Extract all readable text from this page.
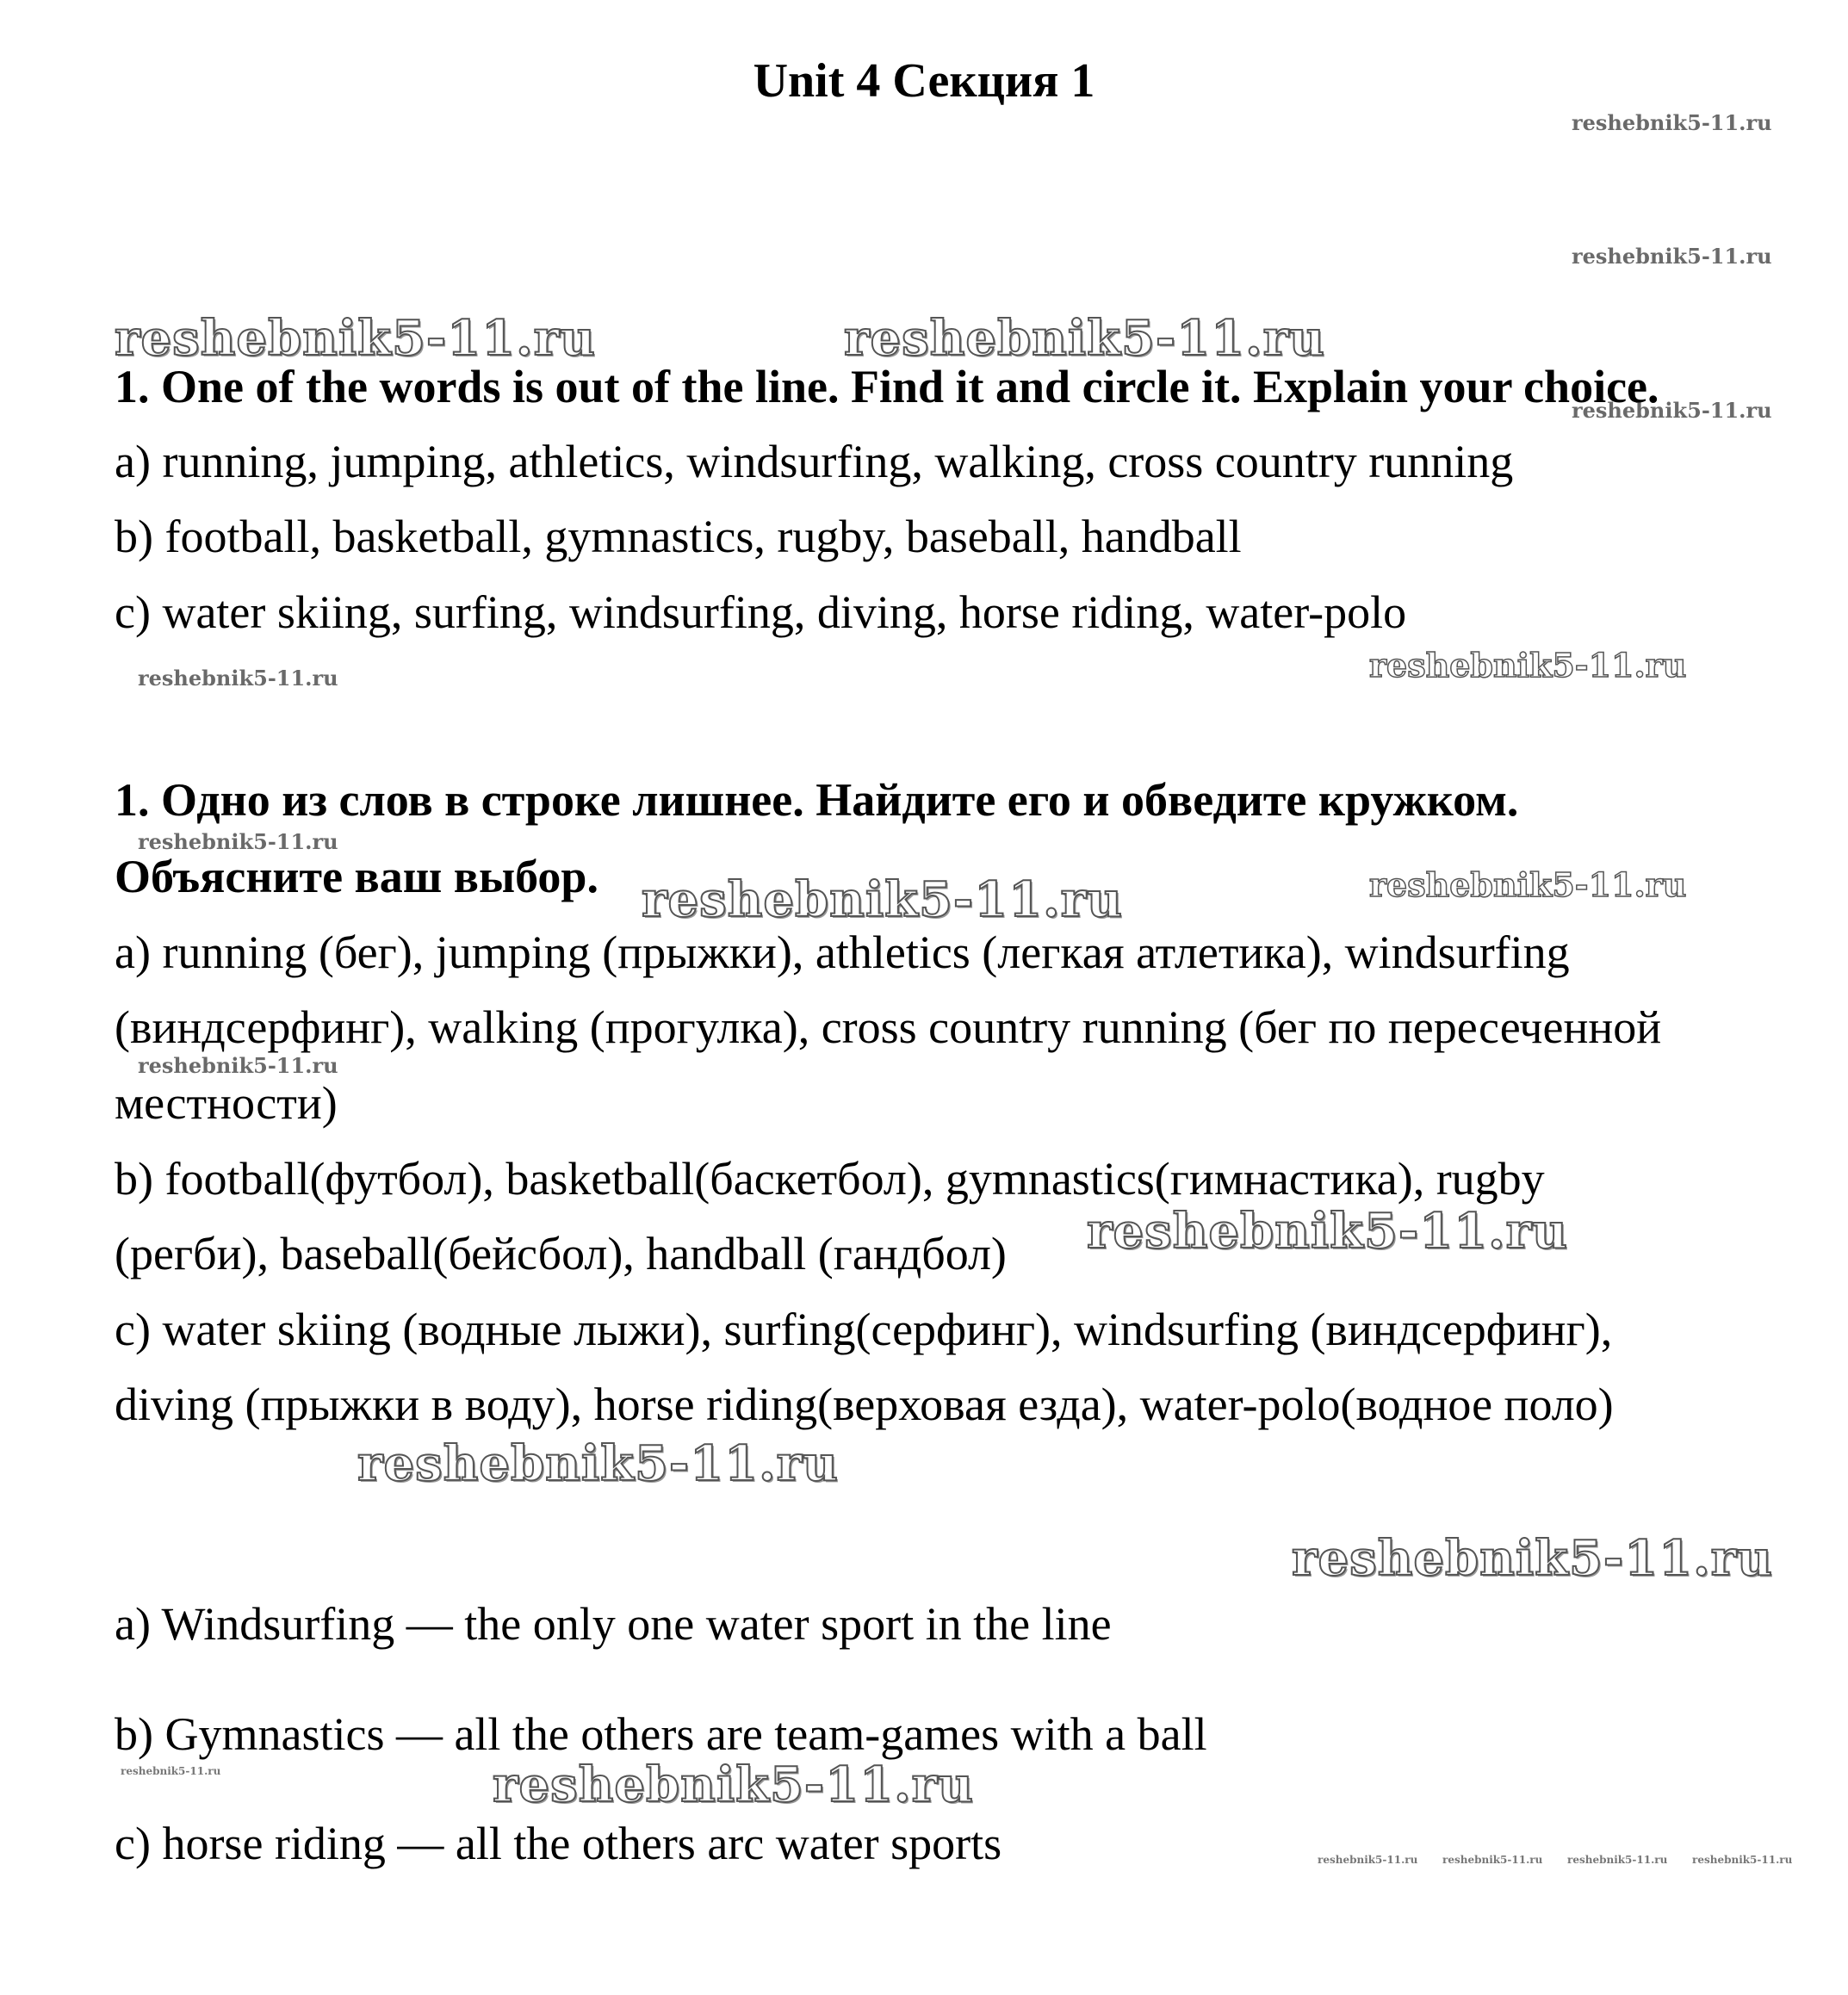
Unit 4 Секция 1
reshebnik5-11.ru
reshebnik5-11.ru
reshebnik5-11.ru	reshebnik5-11.ru
reshebnik5-11.ru
1. One of the words is out of the line. Find it and circle it. Explain your choice.
a) running, jumping, athletics, windsurfing, walking, cross country running
b) football, basketball, gymnastics, rugby, baseball, handball
c) water skiing, surfing, windsurfing, diving, horse riding, water-polo
reshebnik5-11.ru	reshebnik5-11.ru
1. Одно из слов в строке лишнее. Найдите его и обведите кружком.
reshebnik5-11.ru
Объясните ваш выбор. reshebnik5-11.ru	reshebnik5-11.ru
a) running (бег), jumping (прыжки), athletics (легкая атлетика), windsurfing
(виндсерфинг), walking (прогулка), cross country running (бег по пересеченной
reshebnik5-11.ru
местности)
b) football(футбол), basketball(баскетбол), gymnastics(гимнастика), rugby
(регби), baseball(бейсбол), handball (гандбол) reshebnik5-11.ru
c) water skiing (водные лыжи), surfing(серфинг), windsurfing (виндсерфинг),
diving (прыжки в воду), horse riding(верховая езда), water-polo(водное поло)
reshebnik5-11.ru
reshebnik5-11.ru
a) Windsurfing — the only one water sport in the line
b) Gymnastics — all the others are team-games with a ball
reshebnik5-11.ru	reshebnik5-11.ru
c) horse riding — all the others arc water sports	reshebnik5-11.ru reshebnik5-11.ru reshebnik5-11.ru reshebnik5-11.ru
